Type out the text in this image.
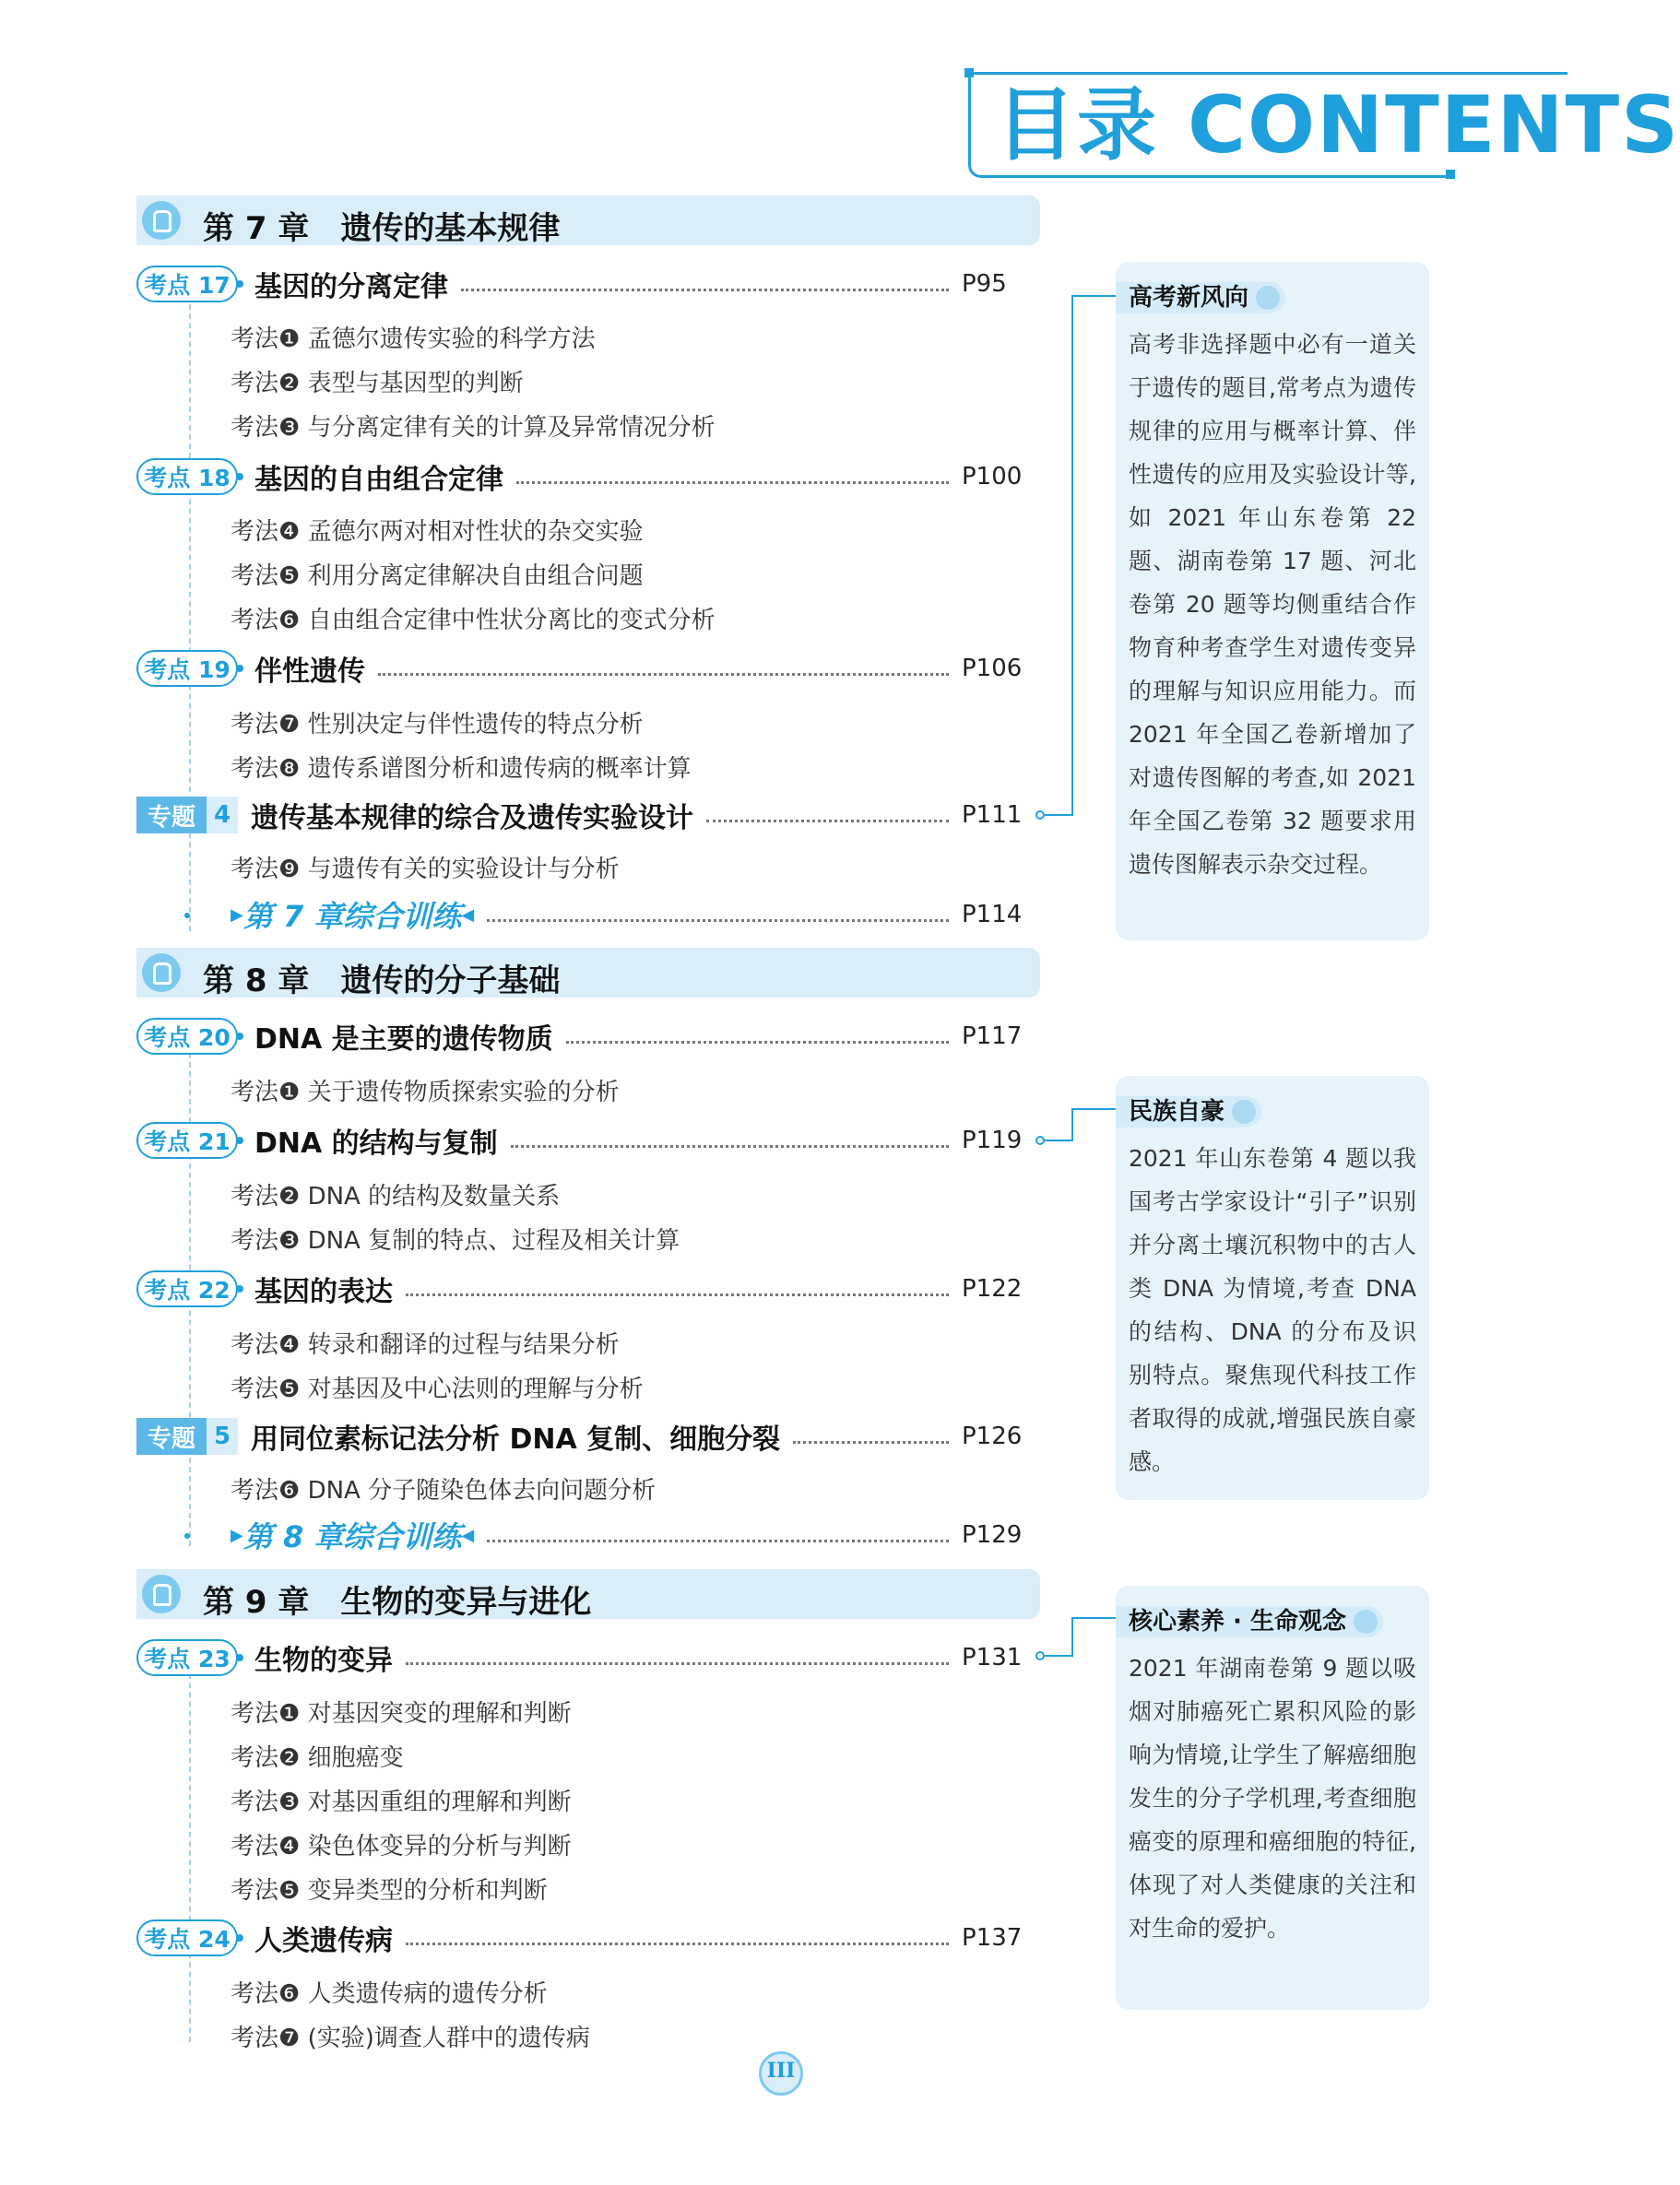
目录 CONTENTS
第 7 章　遗传的基本规律
考点 17 基因的分离定律	P95
考法❶ 孟德尔遗传实验的科学方法
考法❷ 表型与基因型的判断
考法❸ 与分离定律有关的计算及异常情况分析
考点 18 基因的自由组合定律	P100
考法❹ 孟德尔两对相对性状的杂交实验
考法❺ 利用分离定律解决自由组合问题
考法❻ 自由组合定律中性状分离比的变式分析
考点 19 伴性遗传	P106
考法❼ 性别决定与伴性遗传的特点分析
考法❽ 遗传系谱图分析和遗传病的概率计算
专题 4 遗传基本规律的综合及遗传实验设计	P111
考法❾ 与遗传有关的实验设计与分析
▶ 第 7 章综合训练 ◀	P114
第 8 章　遗传的分子基础
考点 20 DNA 是主要的遗传物质	P117
考法❶ 关于遗传物质探索实验的分析
考点 21 DNA 的结构与复制	P119
考法❷ DNA 的结构及数量关系
考法❸ DNA 复制的特点、过程及相关计算
考点 22 基因的表达	P122
考法❹ 转录和翻译的过程与结果分析
考法❺ 对基因及中心法则的理解与分析
专题 5 用同位素标记法分析 DNA 复制、细胞分裂	P126
考法❻ DNA 分子随染色体去向问题分析
▶ 第 8 章综合训练 ◀	P129
第 9 章　生物的变异与进化
考点 23 生物的变异	P131
考法❶ 对基因突变的理解和判断
考法❷ 细胞癌变
考法❸ 对基因重组的理解和判断
考法❹ 染色体变异的分析与判断
考法❺ 变异类型的分析和判断
考点 24 人类遗传病	P137
考法❻ 人类遗传病的遗传分析
考法❼ (实验)调查人群中的遗传病
高考新风向
高考非选择题中必有一道关于遗传的题目,常考点为遗传规律的应用与概率计算、伴性遗传的应用及实验设计等,如 2021 年山东卷第 22 题、湖南卷第 17 题、河北卷第 20 题等均侧重结合作物育种考查学生对遗传变异的理解与知识应用能力。而 2021 年全国乙卷新增加了对遗传图解的考查,如 2021 年全国乙卷第 32 题要求用遗传图解表示杂交过程。
民族自豪
2021 年山东卷第 4 题以我国考古学家设计“引子”识别并分离土壤沉积物中的古人类 DNA 为情境,考查 DNA 的结构、DNA 的分布及识别特点。聚焦现代科技工作者取得的成就,增强民族自豪感。
核心素养 · 生命观念
2021 年湖南卷第 9 题以吸烟对肺癌死亡累积风险的影响为情境,让学生了解癌细胞发生的分子学机理,考查细胞癌变的原理和癌细胞的特征,体现了对人类健康的关注和对生命的爱护。
III
